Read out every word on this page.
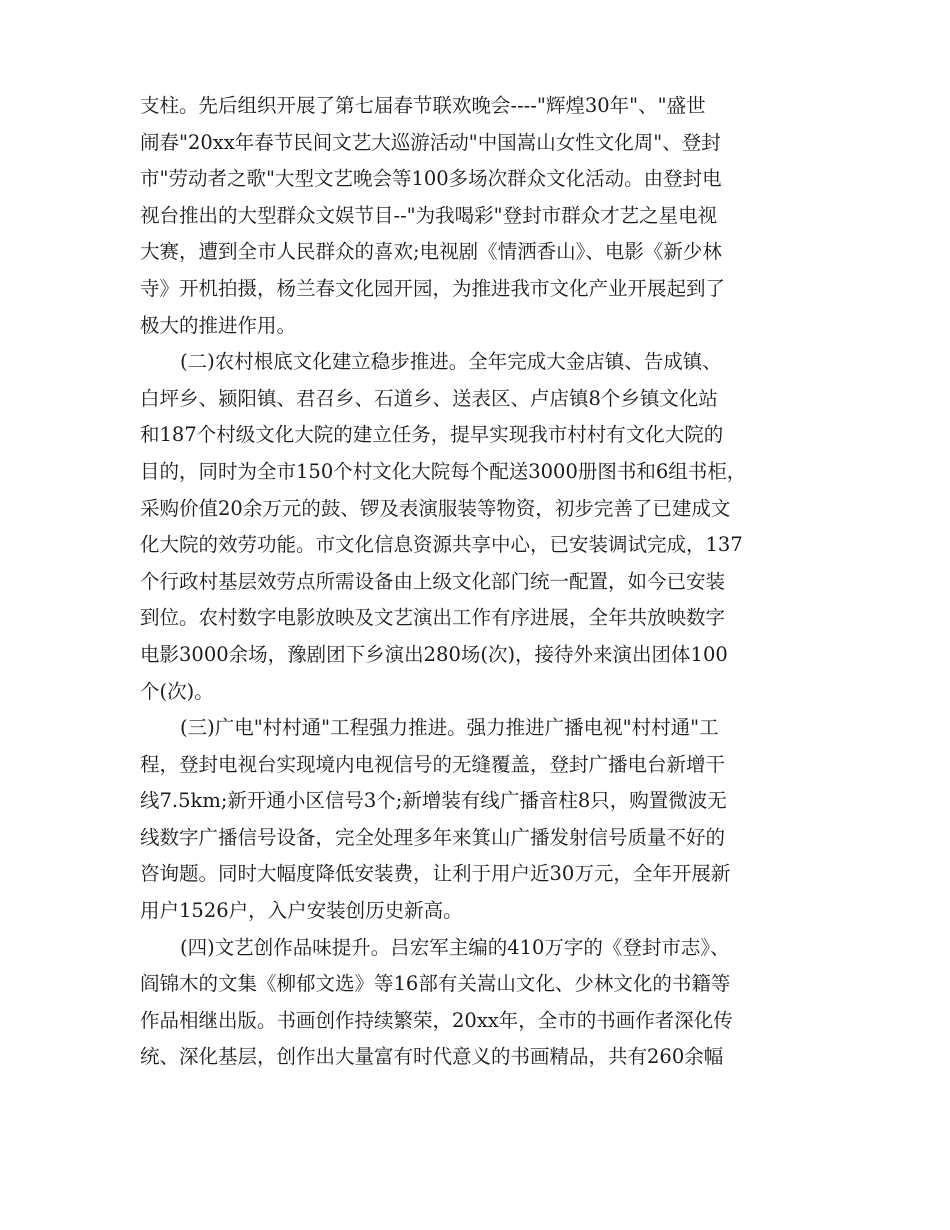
支柱。先后组织开展了第七届春节联欢晚会----"辉煌30年"、"盛世
闹春"20xx年春节民间文艺大巡游活动"中国嵩山女性文化周"、登封
市"劳动者之歌"大型文艺晚会等100多场次群众文化活动。由登封电
视台推出的大型群众文娱节目--"为我喝彩"登封市群众才艺之星电视
大赛，遭到全市人民群众的喜欢;电视剧《情洒香山》、电影《新少林
寺》开机拍摄，杨兰春文化园开园，为推进我市文化产业开展起到了
极大的推进作用。
(二)农村根底文化建立稳步推进。全年完成大金店镇、告成镇、
白坪乡、颍阳镇、君召乡、石道乡、送表区、卢店镇8个乡镇文化站
和187个村级文化大院的建立任务，提早实现我市村村有文化大院的
目的，同时为全市150个村文化大院每个配送3000册图书和6组书柜，
采购价值20余万元的鼓、锣及表演服装等物资，初步完善了已建成文
化大院的效劳功能。市文化信息资源共享中心，已安装调试完成，137
个行政村基层效劳点所需设备由上级文化部门统一配置，如今已安装
到位。农村数字电影放映及文艺演出工作有序进展，全年共放映数字
电影3000余场，豫剧团下乡演出280场(次)，接待外来演出团体100
个(次)。
(三)广电"村村通"工程强力推进。强力推进广播电视"村村通"工
程，登封电视台实现境内电视信号的无缝覆盖，登封广播电台新增干
线7.5km;新开通小区信号3个;新增装有线广播音柱8只，购置微波无
线数字广播信号设备，完全处理多年来箕山广播发射信号质量不好的
咨询题。同时大幅度降低安装费，让利于用户近30万元，全年开展新
用户1526户，入户安装创历史新高。
(四)文艺创作品味提升。吕宏军主编的410万字的《登封市志》、
阎锦木的文集《柳郁文选》等16部有关嵩山文化、少林文化的书籍等
作品相继出版。书画创作持续繁荣，20xx年，全市的书画作者深化传
统、深化基层，创作出大量富有时代意义的书画精品，共有260余幅
